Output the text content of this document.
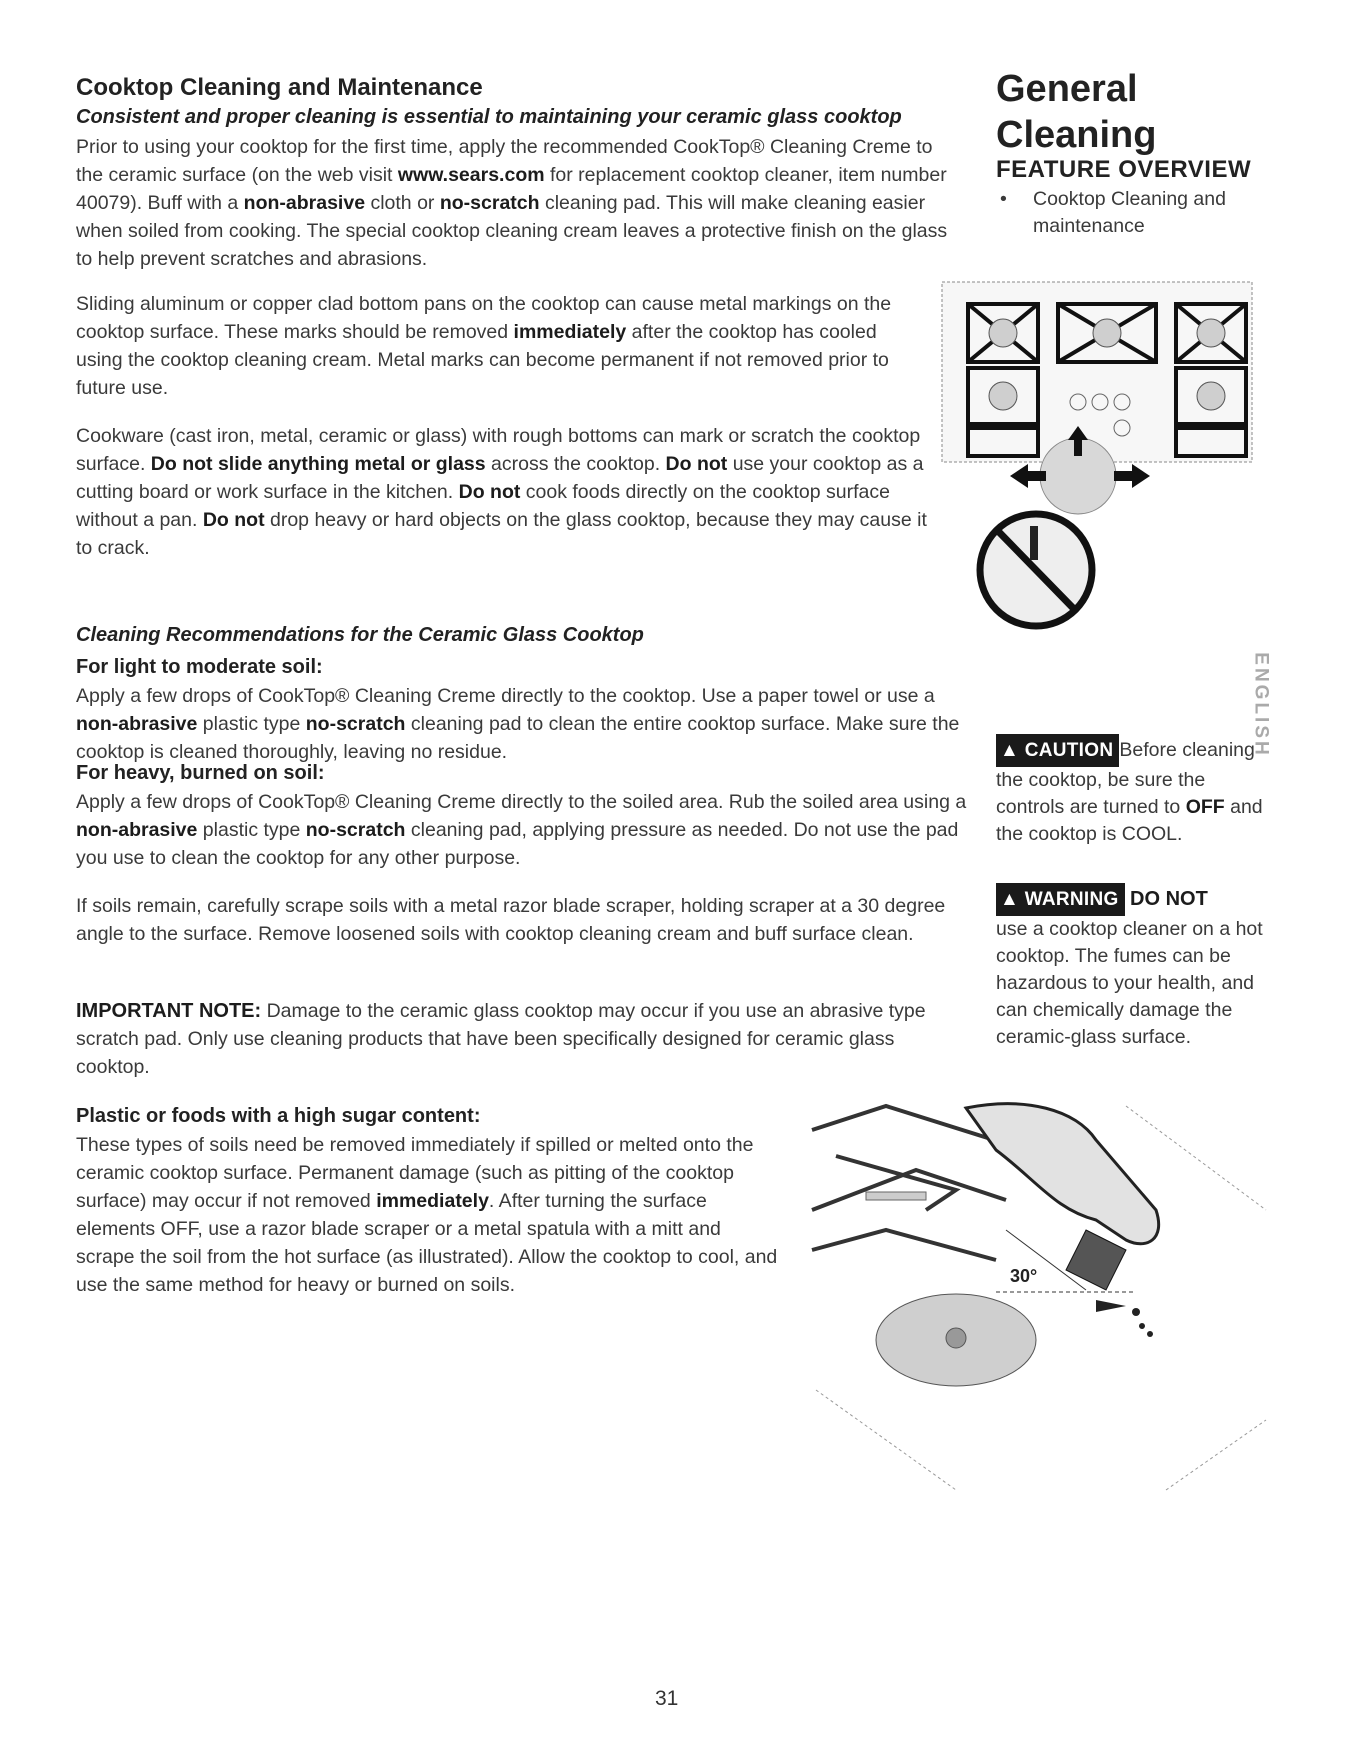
Cooktop Cleaning and Maintenance
Consistent and proper cleaning is essential to maintaining your ceramic glass cooktop

Prior to using your cooktop for the first time, apply the recommended CookTop® Cleaning Creme to the ceramic surface (on the web visit www.sears.com for replacement cooktop cleaner, item number 40079). Buff with a non-abrasive cloth or no-scratch cleaning pad. This will make cleaning easier when soiled from cooking. The special cooktop cleaning cream leaves a protective finish on the glass to help prevent scratches and abrasions.

Sliding aluminum or copper clad bottom pans on the cooktop can cause metal markings on the cooktop surface. These marks should be removed immediately after the cooktop has cooled using the cooktop cleaning cream. Metal marks can become permanent if not removed prior to future use.

Cookware (cast iron, metal, ceramic or glass) with rough bottoms can mark or scratch the cooktop surface. Do not slide anything metal or glass across the cooktop. Do not use your cooktop as a cutting board or work surface in the kitchen. Do not cook foods directly on the cooktop surface without a pan. Do not drop heavy or hard objects on the glass cooktop, because they may cause it to crack.

Cleaning Recommendations for the Ceramic Glass Cooktop
For light to moderate soil:

Apply a few drops of CookTop® Cleaning Creme directly to the cooktop. Use a paper towel or use a non-abrasive plastic type no-scratch cleaning pad to clean the entire cooktop surface. Make sure the cooktop is cleaned thoroughly, leaving no residue.

For heavy, burned on soil:

Apply a few drops of CookTop® Cleaning Creme directly to the soiled area. Rub the soiled area using a non-abrasive plastic type no-scratch cleaning pad, applying pressure as needed. Do not use the pad you use to clean the cooktop for any other purpose.

If soils remain, carefully scrape soils with a metal razor blade scraper, holding scraper at a 30 degree angle to the surface. Remove loosened soils with cooktop cleaning cream and buff surface clean.

IMPORTANT NOTE: Damage to the ceramic glass cooktop may occur if you use an abrasive type scratch pad. Only use cleaning products that have been specifically designed for ceramic glass cooktop.

Plastic or foods with a high sugar content:

These types of soils need be removed immediately if spilled or melted onto the ceramic cooktop surface. Permanent damage (such as pitting of the cooktop surface) may occur if not removed immediately. After turning the surface elements OFF, use a razor blade scraper or a metal spatula with a mitt and scrape the soil from the hot surface (as illustrated). Allow the cooktop to cool, and use the same method for heavy or burned on soils.

General
Cleaning
FEATURE OVERVIEW
• Cooktop Cleaning and maintenance
ENGLISH
▲ CAUTION Before cleaning the cooktop, be sure the controls are turned to OFF and the cooktop is COOL.
▲ WARNING DO NOT
use a cooktop cleaner on a hot cooktop. The fumes can be hazardous to your health, and can chemically damage the ceramic-glass surface.
30°
31
